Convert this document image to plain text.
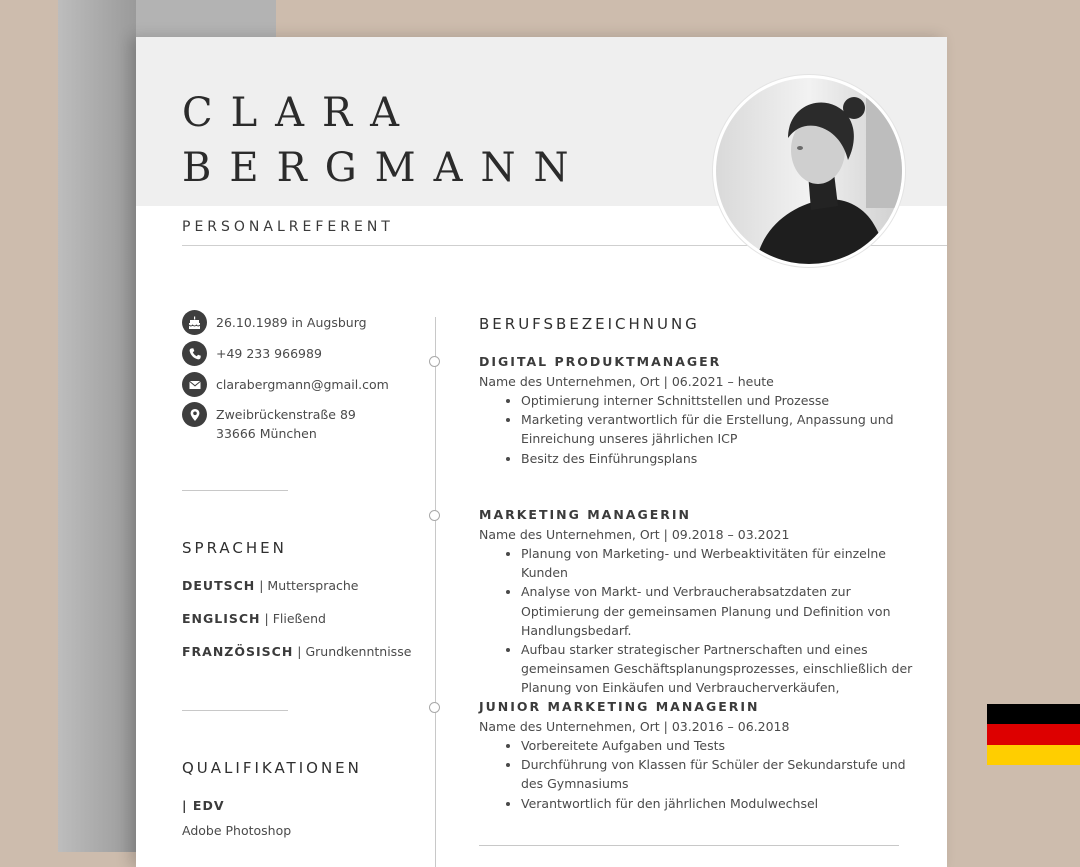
CLARA
BERGMANN
PERSONALREFERENT
26.10.1989 in Augsburg
+49 233 966989
clarabergmann@gmail.com
Zweibrückenstraße 89
33666 München
SPRACHEN
DEUTSCH | Muttersprache
ENGLISCH | Fließend
FRANZÖSISCH | Grundkenntnisse
QUALIFIKATIONEN
| EDV
Adobe Photoshop
BERUFSBEZEICHNUNG

DIGITAL PRODUKTMANAGER

Name des Unternehmen, Ort | 06.2021 – heute

• Optimierung interner Schnittstellen und Prozesse
• Marketing verantwortlich für die Erstellung, Anpassung und Einreichung unseres jährlichen ICP
• Besitz des Einführungsplans

MARKETING MANAGERIN

Name des Unternehmen, Ort | 09.2018 – 03.2021

• Planung von Marketing- und Werbeaktivitäten für einzelne Kunden
• Analyse von Markt- und Verbraucherabsatzdaten zur Optimierung der gemeinsamen Planung und Definition von Handlungsbedarf.
• Aufbau starker strategischer Partnerschaften und eines gemeinsamen Geschäftsplanungsprozesses, einschließlich der Planung von Einkäufen und Verbraucherverkäufen,

JUNIOR MARKETING MANAGERIN

Name des Unternehmen, Ort | 03.2016 – 06.2018

• Vorbereitete Aufgaben und Tests
• Durchführung von Klassen für Schüler der Sekundarstufe und des Gymnasiums
• Verantwortlich für den jährlichen Modulwechsel
